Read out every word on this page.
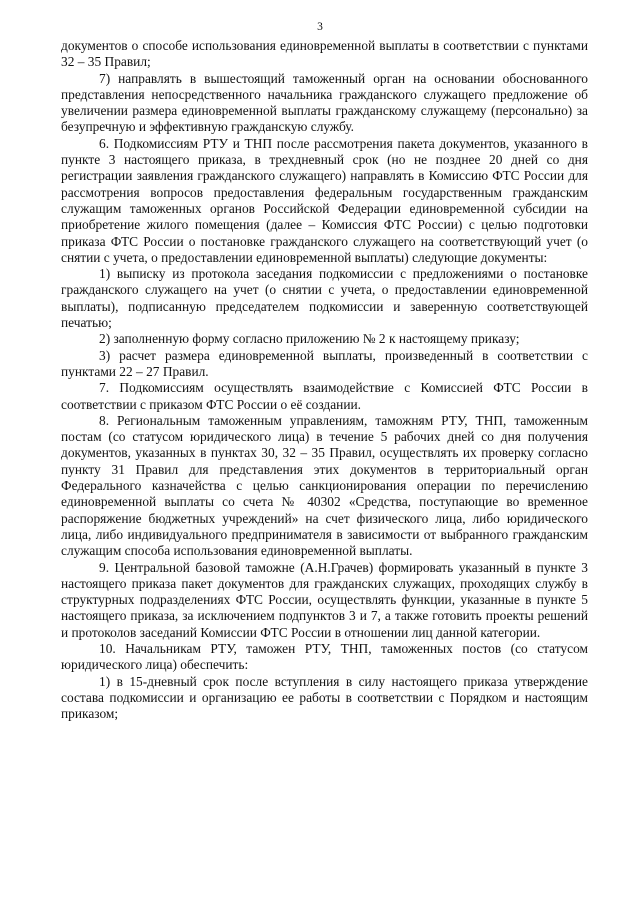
3

документов о способе использования единовременной выплаты в соответствии с пунктами 32 – 35 Правил;

7) направлять в вышестоящий таможенный орган на основании обоснованного представления непосредственного начальника гражданского служащего предложение об увеличении размера единовременной выплаты гражданскому служащему (персонально) за безупречную и эффективную гражданскую службу.

6. Подкомиссиям РТУ и ТНП после рассмотрения пакета документов, указанного в пункте 3 настоящего приказа, в трехдневный срок (но не позднее 20 дней со дня регистрации заявления гражданского служащего) направлять в Комиссию ФТС России для рассмотрения вопросов предоставления федеральным государственным гражданским служащим таможенных органов Российской Федерации единовременной субсидии на приобретение жилого помещения (далее – Комиссия ФТС России) с целью подготовки приказа ФТС России о постановке гражданского служащего на соответствующий учет (о снятии с учета, о предоставлении единовременной выплаты) следующие документы:

1) выписку из протокола заседания подкомиссии с предложениями о постановке гражданского служащего на учет (о снятии с учета, о предоставлении единовременной выплаты), подписанную председателем подкомиссии и заверенную соответствующей печатью;

2) заполненную форму согласно приложению № 2 к настоящему приказу;

3) расчет размера единовременной выплаты, произведенный в соответствии с пунктами 22 – 27 Правил.

7. Подкомиссиям осуществлять взаимодействие с Комиссией ФТС России в соответствии с приказом ФТС России о её создании.

8. Региональным таможенным управлениям, таможням РТУ, ТНП, таможенным постам (со статусом юридического лица) в течение 5 рабочих дней со дня получения документов, указанных в пунктах 30, 32 – 35 Правил, осуществлять их проверку согласно пункту 31 Правил для представления этих документов в территориальный орган Федерального казначейства с целью санкционирования операции по перечислению единовременной выплаты со счета № 40302 «Средства, поступающие во временное распоряжение бюджетных учреждений» на счет физического лица, либо юридического лица, либо индивидуального предпринимателя в зависимости от выбранного гражданским служащим способа использования единовременной выплаты.

9. Центральной базовой таможне (А.Н.Грачев) формировать указанный в пункте 3 настоящего приказа пакет документов для гражданских служащих, проходящих службу в структурных подразделениях ФТС России, осуществлять функции, указанные в пункте 5 настоящего приказа, за исключением подпунктов 3 и 7, а также готовить проекты решений и протоколов заседаний Комиссии ФТС России в отношении лиц данной категории.

10. Начальникам РТУ, таможен РТУ, ТНП, таможенных постов (со статусом юридического лица) обеспечить:

1) в 15-дневный срок после вступления в силу настоящего приказа утверждение состава подкомиссии и организацию ее работы в соответствии с Порядком и настоящим приказом;
